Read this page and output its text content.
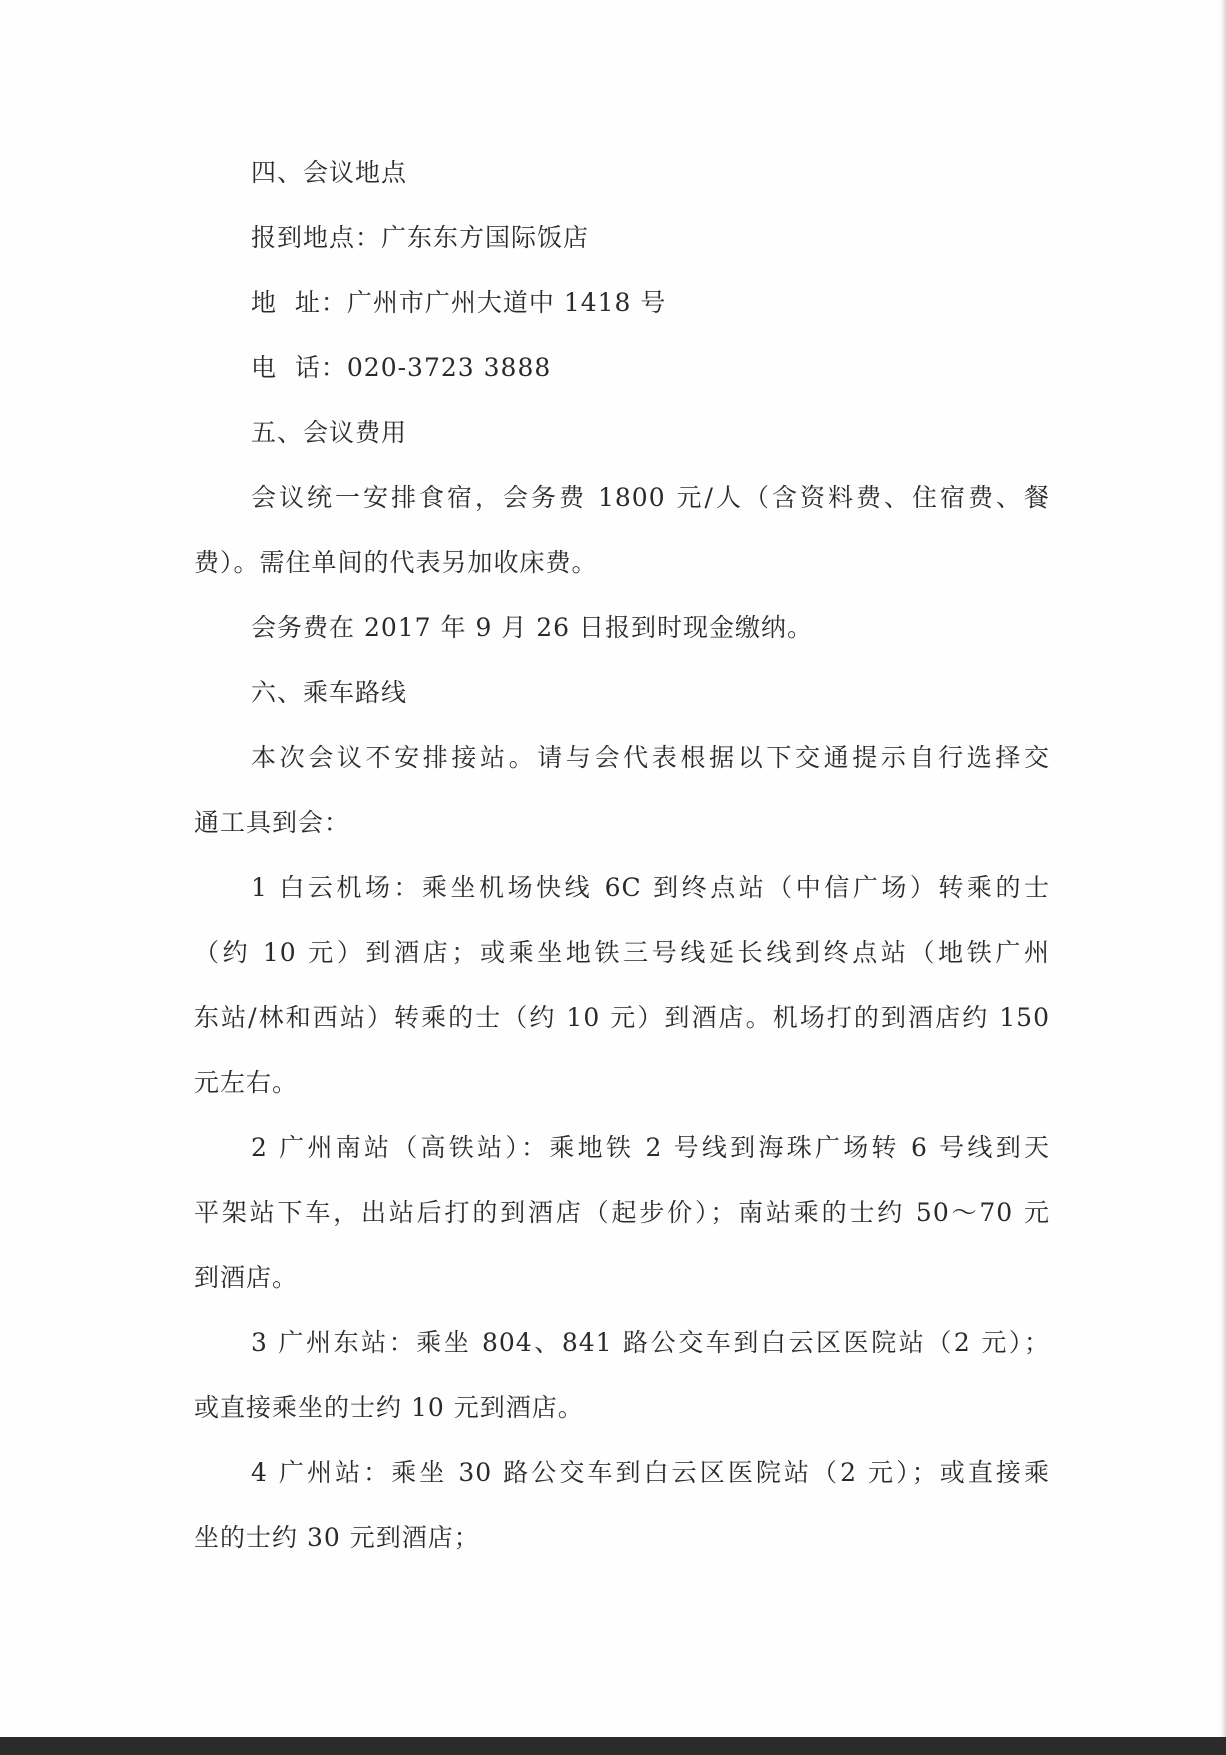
四、会议地点
报到地点：广东东方国际饭店
地  址：广州市广州大道中 1418 号
电  话：020-3723 3888
五、会议费用
会议统一安排食宿，会务费 1800 元/人（含资料费、住宿费、餐
费）。需住单间的代表另加收床费。
会务费在 2017 年 9 月 26 日报到时现金缴纳。
六、乘车路线
本次会议不安排接站。请与会代表根据以下交通提示自行选择交
通工具到会：
1 白云机场：乘坐机场快线 6C 到终点站（中信广场）转乘的士
（约 10 元）到酒店；或乘坐地铁三号线延长线到终点站（地铁广州
东站/林和西站）转乘的士（约 10 元）到酒店。机场打的到酒店约 150
元左右。
2 广州南站（高铁站）：乘地铁 2 号线到海珠广场转 6 号线到天
平架站下车，出站后打的到酒店（起步价）；南站乘的士约 50～70 元
到酒店。
3 广州东站：乘坐 804、841 路公交车到白云区医院站（2 元）；
或直接乘坐的士约 10 元到酒店。
4 广州站：乘坐 30 路公交车到白云区医院站（2 元）；或直接乘
坐的士约 30 元到酒店；
